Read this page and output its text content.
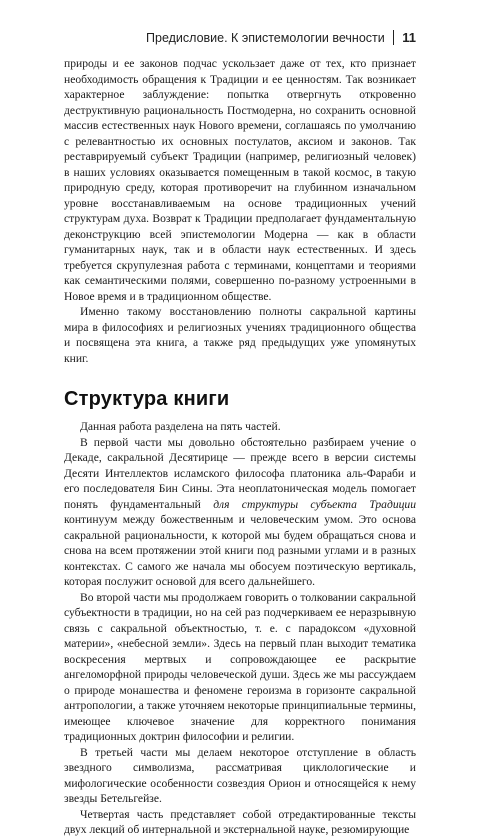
Предисловие. К эпистемологии вечности 11

природы и ее законов подчас ускользает даже от тех, кто признает необходимость обращения к Традиции и ее ценностям. Так возникает характерное заблуждение: попытка отвергнуть откровенно деструктивную рациональность Постмодерна, но сохранить основной массив естественных наук Нового времени, соглашаясь по умолчанию с релевантностью их основных постулатов, аксиом и законов. Так реставрируемый субъект Традиции (например, религиозный человек) в наших условиях оказывается помещенным в такой космос, в такую природную среду, которая противоречит на глубинном изначальном уровне восстанавливаемым на основе традиционных учений структурам духа. Возврат к Традиции предполагает фундаментальную деконструкцию всей эпистемологии Модерна — как в области гуманитарных наук, так и в области наук естественных. И здесь требуется скрупулезная работа с терминами, концептами и теориями как семантическими полями, совершенно по-разному устроенными в Новое время и в традиционном обществе.

Именно такому восстановлению полноты сакральной картины мира в философиях и религиозных учениях традиционного общества и посвящена эта книга, а также ряд предыдущих уже упомянутых книг.

Структура книги

Данная работа разделена на пять частей.

В первой части мы довольно обстоятельно разбираем учение о Декаде, сакральной Десятирице — прежде всего в версии системы Десяти Интеллектов исламского философа платоника аль-Фараби и его последователя Бин Сины. Эта неоплатоническая модель помогает понять фундаментальный для структуры субъекта Традиции континуум между божественным и человеческим умом. Это основа сакральной рациональности, к которой мы будем обращаться снова и снова на всем протяжении этой книги под разными углами и в разных контекстах. С самого же начала мы обосуем поэтическую вертикаль, которая послужит основой для всего дальнейшего.

Во второй части мы продолжаем говорить о толковании сакральной субъектности в традиции, но на сей раз подчеркиваем ее неразрывную связь с сакральной объектностью, т. е. с парадоксом «духовной материи», «небесной земли». Здесь на первый план выходит тематика воскресения мертвых и сопровождающее ее раскрытие ангеломорфной природы человеческой души. Здесь же мы рассуждаем о природе монашества и феномене героизма в горизонте сакральной антропологии, а также уточняем некоторые принципиальные термины, имеющее ключевое значение для корректного понимания традиционных доктрин философии и религии.

В третьей части мы делаем некоторое отступление в область звездного символизма, рассматривая циклологические и мифологические особенности созвездия Орион и относящейся к нему звезды Бетельгейзе.

Четвертая часть представляет собой отредактированные тексты двух лекций об интернальной и экстернальной науке, резюмирующие
